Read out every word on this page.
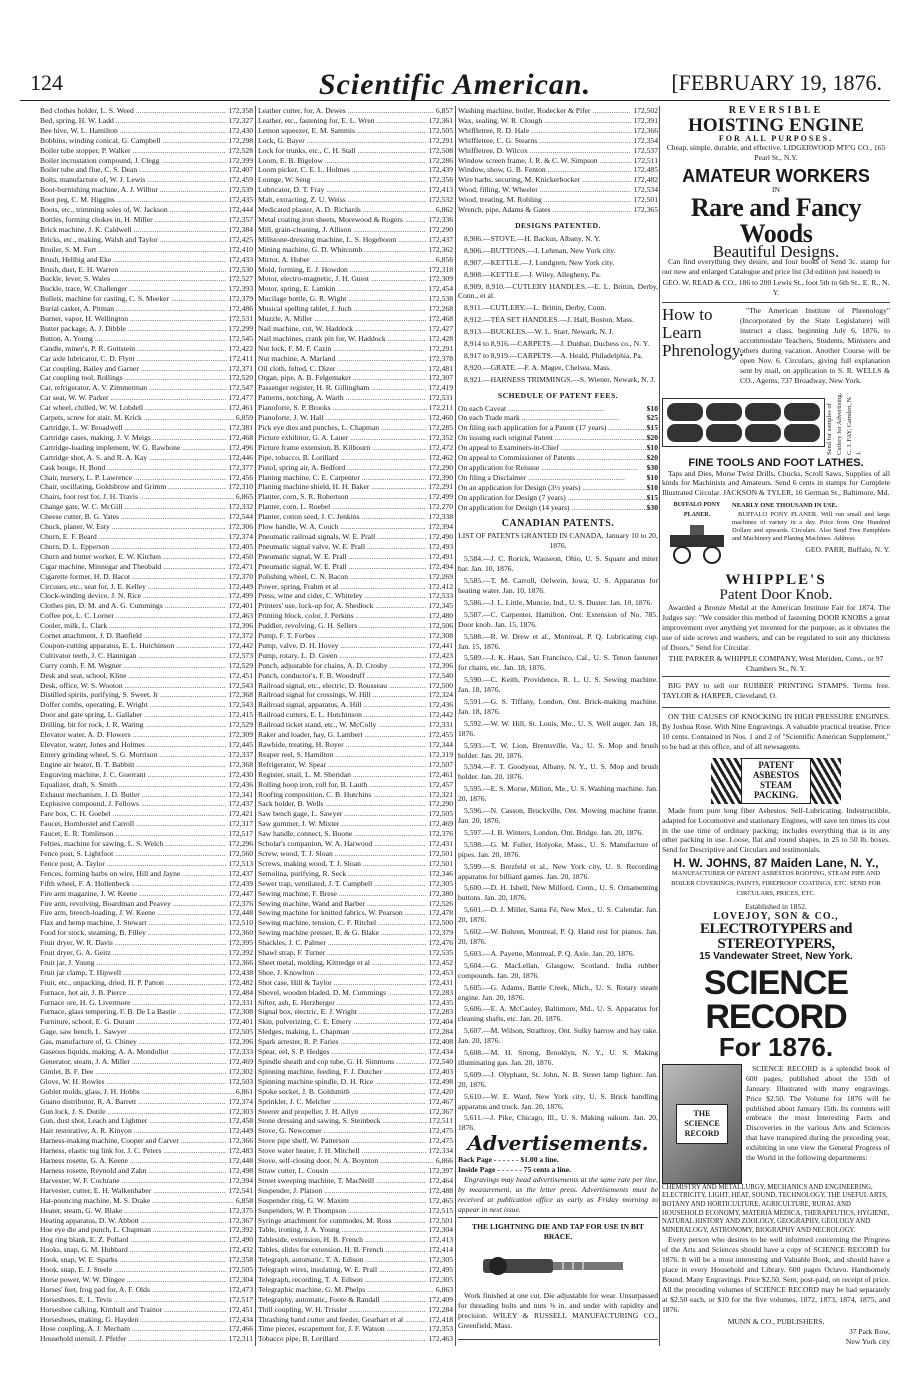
124	Scientific American.	[FEBRUARY 19, 1876.
Bed clothes holder, L. S. Weed .....	172,358
Bed, spring, H. W. Ladd .....	172,327
Bee hive, W. L. Hamilton .....	172,430
Bobbins, winding conical, G. Campbell .....	172,298
Boiler tube stopper, P. Walker .....	172,528
Boiler incrustation compound, J. Clegg .....	172,399
Boiler tube and flue, C. S. Dean .....	172,407
Bolts, manufacture of, W. J. Lewis .....	172,459
Boot-burnishing machine, A. J. Wilbur .....	172,539
Boot peg, C. M. Higgins .....	172,435
Boots, etc., trimming soles of, W. Jackson .....	172,444
Bottles, forming chokes in, H. Miller .....	172,357
Brick machine, J. K. Caldwell .....	172,384
Bricks, etc., making, Walsh and Taylor .....	172,425
Broiler, S. M. Fort .....	172,410
Brush, Hellbig and Eke .....	172,433
Brush, dust, E. H. Warren .....	172,530
Buckle, lever, S. Wales .....	172,527
Buckle, trace, W. Challenger .....	172,393
Bullets, machine for casting, C. S. Meeker .....	172,379
Burial casket, A. Pitman .....	172,486
Burner, vapor, H. Wellington .....	172,531
Butter package, A. J. Dibble .....	172,299
Button, A. Young .....	172,545
Candle, miner's, P. R. Gottstein .....	172,422
Car axle lubricator, C. D. Flynt .....	172,411
Car coupling, Bailey and Garner .....	172,371
Car coupling tool, Rollings .....	172,520
Car, refrigerator, A. V. Zimmerman .....	172,547
Car seat, W. W. Parker .....	172,477
Car wheel, chilled, W. W. Lobdell .....	172,461
Carpets, screw for stair, M. Krick .....	6,859
Cartridge, L. W. Broadwell .....	172,381
Cartridge cases, making, J. V. Meigs .....	172,468
Cartridge-loading implement, W. G. Rawbone .....	172,496
Cartridge shot, A. S. and R. A. Kay .....	172,446
Cask bouge, H. Bond .....	172,377
Chair, nursery, L. P. Lawrence .....	172,456
Chair, oscillating, Goldsbrow and Grimm .....	172,310
Chairs, foot rest for, J. H. Travis .....	6,865
Change gate, W. C. McGill .....	172,332
Cheese cutter, B. G. Yates .....	172,544
Chuck, planer, W. Esty .....	172,306
Churn, E. F. Beard .....	172,374
Churn, D. L. Epperson .....	172,405
Churn and butter worker, E. W. Kitchen .....	172,450
Cigar machine, Minnegar and Theobald .....	172,471
Cigarette former, H. D. Bacot .....	172,370
Circuses, etc., seat for, J. E. Kelley .....	172,449
Clock-winding device, J. N. Rice .....	172,499
Clothes pin, D. M. and A. G. Cummings .....	172,401
Coffee pot, L. C. Lorner .....	172,463
Cooler, milk, L. Clark .....	172,396
Cornet attachment, J. D. Banfield .....	172,372
Coupon-cutting apparatus, E. L. Hutchinson .....	172,442
Cultivator teeth, J. C. Hannigan .....	172,573
Curry comb, F. M. Wegner .....	172,529
Desk and seat, school, Kline .....	172,451
Desk, office, W. S. Wooton .....	172,543
Distilled spirits, purifying, S. Sweet, Jr .....	172,368
Doffer combs, operating, E. Wright .....	172,543
Door and gate spring, L. Gallaher .....	172,415
Drilling, bit for rock, J. R. Waring .....	172,529
Elevator water, A. D. Flowers .....	172,309
Elevator, water, Jones and Holmes .....	172,445
Emery grinding wheel, S. G. Morrison .....	172,337
Engine air heater, B. T. Babbitt .....	172,368
Engraving machine, J. C. Guerrant .....	172,430
Equalizer, draft, S. Smith .....	172,436
Exhaust mechanism, J. D. Butler .....	172,341
Explosive compound, J. Fellows .....	172,437
Fare box, C. H. Goebel .....	172,421
Faucet, Hornbostel and Carroll .....	172,317
Faucet, E. R. Tomlinson .....	172,517
Felties, machine for sawing, L. S. Welch .....	172,296
Fence post, S. Lightfoot .....	172,560
Fence post, A. Taylor .....	172,513
Fences, forming barbs on wire, Hill and Jayne .....	172,437
Fifth wheel, F. A. Hollenbeck .....	172,439
Fire arm magazine, J. W. Keene .....	172,447
Fire arm, revolving, Boardman and Peavey .....	172,376
Fire arm, breech-loading, J. W. Keene .....	172,448
Flax and hemp machine, J. Stewart .....	172,510
Food for stock, steaming, B. Filley .....	172,360
Fruit dryer, W. R. Davis .....	172,395
Fruit dryer, G. A. Geitz .....	172,392
Fruit jar, J. Young .....	172,366
Fruit jar clamp, T. Hipwell .....	172,438
Fruit, etc., unpacking, dried, H. P. Patton .....	172,482
Furnace, hot air, J. B. Pierce .....	172,484
Furnace ore, H. G. Livermore .....	172,331
Furnace, glass tempering, F. B. De La Bastie .....	172,308
Furniture, school, E. G. Durant .....	172,401
Gage, saw bench, L. Sawyer .....	172,505
Gas, manufacture of, G. Chiney .....	172,396
Gaseous liquids, making, A. A. Mondollot .....	172,333
Generator, steam, J. A. Miller .....	172,469
Gimlet, B. F. Dee .....	172,302
Glove, W. H. Rowles .....	172,503
Goblet molds, glass, J. H. Hobbs .....	6,861
Guano distributor, R. A. Barrett .....	172,374
Gun lock, J. S. Dutile .....	172,303
Gun, dust shot, Leach and Lightner .....	172,458
Hair restorative, A. R. Kinyon .....	172,449
Harness-making machine, Cooper and Carver .....	172,366
Harness, elastic tug link for, J. C. Peters .....	172,483
Harness rosette, G. A. Keene .....	172,448
Harness rosette, Reynold and Zahn .....	172,498
Harvester, W. F. Cochrane .....	172,394
Harvester, cutter, E. H. Walkenhaber .....	172,541
Hat-pouncing machine, M. S. Drake .....	6,858
Heater, steam, G. W. Blake .....	172,375
Heating apparatus, D. W. Abbott .....	172,367
Hoe eye die and punch, L. Chapman .....	172,392
Hog ring blank, E. Z. Pollard .....	172,490
Hooks, snap, G. M. Hubbard .....	172,432
Hook, snap, W. E. Sparks .....	172,358
Hook, snap, E. J. Steele .....	172,505
Horse power, W. W. Dingee .....	172,304
Horses' feet, frog pad for, A. F. Olds .....	172,473
Horseshoes, E. L. Tevis .....	172,517
Horseshoe calking, Kimball and Trainor .....	172,451
Horseshoes, making, G. Hayden .....	172,434
Hose coupling, A. J. Mecham .....	172,466
Household utensil, J. Pfeifer .....	172,311
.....
Leather cutter, for, A. Dewes .....	6,857
Leather, etc., fastening for, E. L. Wren .....	172,361
Lemon squeezer, E. M. Sammis .....	172,505
Lock, G. Bayer .....	172,291
Lock for trunks, etc., C. H. Stall .....	172,508
Loom, E. B. Bigelow .....	172,286
Loom picker, C. E. L. Holmes .....	172,439
Lounge, W. Seng .....	172,356
Lubricator, D. T. Fray .....	172,413
Malt, extracting, Z. U. Weiss .....	172,532
Medicated plaster, A. D. Richards .....	6,862
Metal coating iron sheets, Morewood & Rogers .....	172,336
Mill, grain-cleaning, J. Allison .....	172,290
Millstone-dressing machine, L. S. Hogeboom .....	172,437
Mining machine, G. D. Whitcomb .....	172,362
Mirror, A. Huber .....	6,856
Mold, forming, E. J. Howdon .....	172,318
Motor, electro-magnetic, J. H. Guest .....	172,309
Motor, spring, E. Lamkin .....	172,454
Mucilage bottle, G. R. Wight .....	172,538
Musical spelling tablet, J. Juch .....	172,268
Muzzle, A. Miller .....	172,468
Nail machine, cut, W. Haddock .....	172,427
Nail machines, crank pin for, W. Haddock .....	172,428
Nut lock, F. M. F. Cazin .....	172,291
Nut machine, A. Marland .....	172,378
Oil cloth, felted, C. Dizer .....	172,481
Organ, pipe, A. B. Felgemaker .....	172,307
Passenger register, H. R. Gillingham .....	172,419
Patterns, notching, A. Warth .....	172,531
Pianoforte, S. P. Brooks .....	172,211
Pianoforte, J. W. Hall .....	172,460
Pick eye dies and punches, L. Chapman .....	172,285
Picture exhibitor, G. A. Lauer .....	172,352
Picture frame extension, B. Kilbourn .....	172,472
Pipe, tobacco, B. Lorillard .....	172,462
Pistol, spring air, A. Bedford .....	172,290
Planing machine, C. E. Carpenter .....	172,390
Planing machine shield, H. H. Baker .....	172,291
Planter, corn, S. R. Robertson .....	172,499
Planter, corn, L. Roebel .....	172,270
Planter, cotton seed, J. C. Jenkins .....	172,338
Plow handle, W. A. Couch .....	172,394
Pneumatic railroad signals, W. E. Prall .....	172,490
Pneumatic signal valve, W. E. Prall .....	172,493
Pneumatic signal, W. E. Prall .....	172,491
Pneumatic signal, W. E. Prall .....	172,494
Polishing wheel, C. N. Bacon .....	172,269
Power, spring, Frahm et al .....	172,412
Press, wine and cider, C. Whiteley .....	172,533
Printers' use, lock-up for, A. Shedlock .....	172,345
Printing block, color, J. Perkins .....	172,480
Puddler, revolving, G. H. Sellers .....	172,506
Pump, F. T. Forbes .....	172,308
Pump, valve, D. H. Hovey .....	172,441
Pump, rotary, L. D. Green .....	172,423
Punch, adjustable for chains, A. D. Crosby .....	172,396
Punch, conductor's, F. B. Woodruff .....	172,540
Railroad signal, etc., electric, D. Rousseau .....	172,500
Railroad signal for crossings, W. Hill .....	172,324
Railroad signal, apparatus, A. Hill .....	172,436
Railroad cutters, E. L. Hutchinson .....	172,442
Railroad ticket stand, etc., W. McColly .....	172,331
Raker and loader, hay, G. Lambert .....	172,455
Rawhide, treating, H. Royer .....	172,344
Reaper reel, S. Hamilton .....	172,319
Refrigerator, W. Spear .....	172,507
Register, snail, L. M. Sheridan .....	172,461
Rolling hoop iron, roll for, B. Lauth .....	172,457
Roofing composition, C. B. Hutchins .....	172,321
Sack holder, B. Wells .....	172,290
Saw bench gage, L. Sawyer .....	172,505
Saw gummer, J. W. Mixter .....	172,469
Saw handle, connect, S. Boone .....	172,376
Scholar's companion, W. A. Harwood .....	172,431
Screw, wood, T. J. Sloan .....	172,501
Screws, making wood, T. J. Sloan .....	172,501
Semolina, purifying, R. Seck .....	172,346
Sewer trap, ventilated, J. T. Campbell .....	172,305
Sewing machine, F. Brese .....	172,380
Sewing machine, Wand and Barber .....	172,526
Sewing machine for knitted fabrics, W. Pearson .....	172,478
Sewing machine, tension, C. F. Ritchel .....	172,500
Sewing machine presser, R. & G. Blake .....	172,379
Shackles, J. C. Palmer .....	172,476
Shawl strap, F. Turner .....	172,535
Sheet metal, molding, Kittredge et al .....	172,452
Shoe, J. Knowlton .....	172,453
Shot case, Hill & Taylor .....	172,431
Shovel, wooden bladed, D. M. Cummings .....	172,283
Sifter, ash, E. Herzberger .....	172,435
Signal box, electric, E. J. Wright .....	172,283
Skin, pulverizing, C. E. Emery .....	172,404
Sledges, making, L. Chapman .....	172,284
Spark arrester, R. P. Faries .....	172,408
Spear, eel, S. P. Hedges .....	172,434
Spindle sheath and cop tube, G. H. Simmons .....	172,540
Spinning machine, feeding, F. J. Dutcher .....	172,403
Spinning machine spindle, D. H. Rice .....	172,498
Spoke socket, J. B. Goldsmith .....	172,420
Sprinkler, J. C. Melcher .....	172,467
Steerer and propeller, J. H. Allyn .....	172,367
Stone dressing and sawing, S. Steinbeck .....	172,511
Stove, G. Newcomer .....	172,475
Stove pipe shelf, W. Patterson .....	172,475
Stove water heater, J. H. Mitchell .....	172,334
Stove, self-closing door, N. A. Boynton .....	6,866
Straw cutter, L. Cousin .....	172,397
Street sweeping machine, T. MacNeill .....	172,464
Suspender, J. Platson .....	172,488
Suspender ring, G. W. Maxim .....	172,465
Suspenders, W. P. Thompson .....	172,515
Syringe attachment for commodes, M. Ross .....	172,501
Table, ironing, J. A. Young .....	172,304
Tableside, extension, H. B. French .....	172,413
Tables, slides for extension, H. B. French .....	172,414
Telegraph, automatic, T. A. Edison .....	172,305
Telegraph wires, insulating, W. E. Prall .....	172,495
Telegraph, recording, T. A. Edison .....	172,305
Telegraphic machine, G. M. Phelps .....	6,863
Telegraphy, automatic, Foote & Randall .....	172,409
Thill coupling, W. H. Trissler .....	172,284
Thrashing band cutter and feeder, Gearhart et al .....	172,418
Time pieces, escapement for, J. F. Watson .....	172,353
Tobacco pipe, B. Lorillard .....	172,463
.....
Washing machine, boiler, Rodecker & Pifer .....	172,502
Wax, sealing, W. R. Clough .....	172,391
Whiffletree, R. D. Hale .....	172,366
Whiffletree, C. G. Stearns .....	172,354
Whiffletree, D. Wilcox .....	172,537
Window screen frame, J. R. & C. W. Simpson .....	172,511
Window, show, G. B. Fenton .....	172,485
Wire barbs, securing, M. Knickerbocker .....	172,482
Wood, filling, W. Wheeler .....	172,534
Wood, treating, M. Robling .....	172,501
Wrench, pipe, Adams & Gates .....	172,365
DESIGNS PATENTED.
8,906.—STOVE.—H. Backus, Albany, N. Y.
8,906.—BUTTONS.—I. Lehman, New York city.
8,907.—KETTLE.—J. Lundgren, New York city.
8,908.—KETTLE.—J. Wiley, Allegheny, Pa.
8,909, 8,910.—CUTLERY HANDLES.—E. L. Brittin, Derby, Conn., et al.
8,911.—CUTLERY.—L. Brittin, Derby, Conn.
8,912.—TEA SET HANDLES.—J. Hall, Boston, Mass.
8,913.—BUCKLES.—W. L. Starr, Newark, N. J.
8,914 to 8,916.—CARPETS.—J. Dunbar, Duchess co., N. Y.
8,917 to 8,919.—CARPETS.—A. Heald, Philadelphia, Pa.
8,920.—GRATE.—F. A. Magee, Chelsea, Mass.
8,921.—HARNESS TRIMMINGS.—S. Wiener, Newark, N. J.
SCHEDULE OF PATENT FEES.
On each Caveat .....	$10
On each Trade mark .....	$25
On filing each application for a Patent (17 years) .....	$15
On issuing each original Patent .....	$20
On appeal to Examiners-in-Chief .....	$10
On appeal to Commissioner of Patents .....	$20
On application for Reissue .....	$30
On filing a Disclaimer .....	$10
On an application for Design (3½ years) .....	$10
On application for Design (7 years) .....	$15
On application for Design (14 years) .....	$30
CANADIAN PATENTS.
LIST OF PATENTS GRANTED IN CANADA, January 10 to 20, 1876.
5,584.—J. C. Rorick, Wauseon, Ohio, U. S. Square and miter bar. Jan. 10, 1876.
5,585.—T. M. Carroll, Oelwein, Iowa, U. S. Apparatus for heating water. Jan. 10, 1876.
5,586.—J. L. Little, Muncie, Ind., U. S. Duster. Jan. 10, 1876.
5,587.—C. Carpenter, Hamilton, Ont. Extension of No. 785. Door knob. Jan. 15, 1876.
5,588.—R. W. Drew et al., Montreal, P. Q. Lubricating cup. Jan. 15, 1876.
5,589.—J. K. Haas, San Francisco, Cal., U. S. Tenon fastener for chairs, etc. Jan. 18, 1876.
5,590.—C. Keith, Providence, R. I., U. S. Sewing machine. Jan. 18, 1876.
5,591.—G. S. Tiffany, London, Ont. Brick-making machine. Jan. 18, 1876.
5,592.—W. W. Hill, St. Louis, Mo., U. S. Well auger. Jan. 18, 1876.
5,593.—T. W. Lion, Brentsville, Va., U. S. Mop and brush holder. Jan. 20, 1876.
5,594.—F. T. Goodyear, Albany, N. Y., U. S. Mop and brush holder. Jan. 20, 1876.
5,595.—E. S. Morse, Milton, Me., U. S. Washing machine. Jan. 20, 1876.
5,596.—N. Casson, Brockville, Ont. Mowing machine frame. Jan. 20, 1876.
5,597.—J. B. Winters, London, Ont. Bridge. Jan. 20, 1876.
5,598.—G. M. Fuller, Holyoke, Mass., U. S. Manufacture of pipes. Jan. 20, 1876.
5,599.—S. Brezfeld et al., New York city, U. S. Recording apparatus for billiard games. Jan. 20, 1876.
5,600.—D. H. Isbell, New Milford, Conn., U. S. Ornamenting buttons. Jan. 20, 1876.
5,601.—D. J. Miller, Santa Fé, New Mex., U. S. Calendar. Jan. 20, 1876.
5,602.—W. Bohren, Montreal, P. Q. Hand rest for pianos. Jan. 20, 1876.
5,603.—A. Payette, Montreal, P. Q. Axle. Jan. 20, 1876.
5,604.—G. MacLellan, Glasgow, Scotland. India rubber compounds. Jan. 20, 1876.
5,605.—G. Adams, Battle Creek, Mich., U. S. Rotary steam engine. Jan. 20, 1876.
5,606.—E. A. McCauley, Baltimore, Md., U. S. Apparatus for cleaning shafts, etc. Jan. 20, 1876.
5,607.—M. Wilson, Strathroy, Ont. Sulky harrow and hay rake. Jan. 20, 1876.
5,608.—M. H. Strong, Brooklyn, N. Y., U. S. Making illuminating gas. Jan. 20, 1876.
5,609.—J. Olyphant, St. John, N. B. Street lamp lighter. Jan. 20, 1876.
5,610.—W. E. Ward, New York city, U. S. Brick handling apparatus and truck. Jan. 20, 1876.
5,611.—J. Pike, Chicago, Ill., U. S. Making oakum. Jan. 20, 1876.
Advertisements.
Back Page - - - - - - $1.00 a line.
Inside Page - - - - - - 75 cents a line.
Engravings may head advertisements at the same rate per line, by measurement, as the letter press. Advertisements must be received at publication office as early as Friday morning to appear in next issue.
THE LIGHTNING DIE AND TAP FOR USE IN BIT BRACE.
Work finished at one cut. Die adjustable for wear. Unsurpassed for threading bolts and nuts ⅜ in. and under with rapidity and precision. WILEY & RUSSELL MANUFACTURING CO., Greenfield, Mass.
REVERSIBLE
HOISTING ENGINE
FOR ALL PURPOSES.
Cheap, simple, durable, and effective. LIDGERWOOD M'F'G CO., 165 Pearl St., N.Y.
AMATEUR WORKERS
IN
Rare and Fancy Woods
Beautiful Designs.
Can find everything they desire, and four books of Send 3c. stamp for our new and enlarged Catalogue and price list (3d edition just issued) to
GEO. W. READ & CO., 186 to 200 Lewis St., foot 5th to 6th St., E. R., N. Y.
How to Learn Phrenology.
"The American Institute of Phrenology" (Incorporated by the State Legislature) will instruct a class, beginning July 6, 1876, to accommodate Teachers, Students, Ministers and others during vacation. Another Course will be open Nov. 6. Circulars, giving full explanation sent by mail, on application to S. R. WELLS & CO., Agents, 737 Broadway, New York.
Send for samples of Cutlery for Advertising. C. J. FAY, Camden, N. J.
FINE TOOLS AND FOOT LATHES.
Taps and Dies, Morse Twist Drills, Chucks, Scroll Saws, Supplies of all kinds for Machinists and Amateurs. Send 6 cents in stamps for Complete Illustrated Circular. JACKSON & TYLER, 16 German St., Baltimore, Md.
BUFFALO PONY PLANER.
NEARLY ONE THOUSAND IN USE.
BUFFALO PONY PLANER. Will run small and large machines of variety in a day. Price from One Hundred Dollars and upwards. Circulars. Also Send Free Pamphlets and Machinery and Planing Machines. Address
GEO. PARR, Buffalo, N. Y.
WHIPPLE'S
Patent Door Knob.
Awarded a Bronze Medal at the American Institute Fair for 1874. The Judges say: "We consider this method of fastening DOOR KNOBS a great improvement over anything yet invented for the purpose, as it obviates the use of side screws and washers, and can be regulated to suit any thickness of Doors." Send for Circular.
THE PARKER & WHIPPLE COMPANY, West Meriden, Conn., or 97 Chambers St., N. Y.
BIG PAY to sell our RUBBER PRINTING STAMPS. Terms free. TAYLOR & HARPER, Cleveland, O.
ON THE CAUSES OF KNOCKING IN HIGH PRESSURE ENGINES. By Joshua Rose. With Nine Engravings. A valuable practical treatise. Price 10 cents. Contained in Nos. 1 and 2 of "Scientific American Supplement," to be had at this office, and of all newsagents.
PATENT ASBESTOS STEAM PACKING.
Made from pure long fiber Asbestos. Self-Lubricating. Indestructible, adapted for Locomotive and stationary Engines, will save ten times its cost in the use time of ordinary packing; includes everything that is in any other packing in use. Loose, flat and round shapes, in 25 to 50 lb. boxes. Send for Descriptive and Circulars and testimonials.
H. W. JOHNS, 87 Maiden Lane, N. Y.,
MANUFACTURER OF PATENT ASBESTOS ROOFING, STEAM PIPE AND BOILER COVERINGS, PAINTS, FIREPROOF COATINGS, ETC. SEND FOR CIRCULARS, PRICES, ETC.
Established in 1852.
LOVEJOY, SON & CO.,
ELECTROTYPERS and STEREOTYPERS,
15 Vandewater Street, New York.
SCIENCE RECORD
For 1876.
THE SCIENCE RECORD
SCIENCE RECORD is a splendid book of 600 pages, published about the 15th of January. Illustrated with many engravings. Price $2.50. The Volume for 1876 will be published about January 15th. Its contents will embrace the most Interesting Facts and Discoveries in the various Arts and Sciences that have transpired during the preceding year, exhibiting in one view the General Progress of the World in the following departments:
CHEMISTRY AND METALLURGY, MECHANICS AND ENGINEERING, ELECTRICITY, LIGHT, HEAT, SOUND, TECHNOLOGY, THE USEFUL ARTS, BOTANY AND HORTICULTURE, AGRICULTURE, RURAL AND HOUSEHOLD ECONOMY, MATERIA MEDICA, THERAPEUTICS, HYGIENE, NATURAL HISTORY AND ZOOLOGY, GEOGRAPHY, GEOLOGY AND MINERALOGY, ASTRONOMY, BIOGRAPHY AND NECROLOGY.
Every person who desires to be well informed concerning the Progress of the Arts and Sciences should have a copy of SCIENCE RECORD for 1876. It will be a most interesting and Valuable Book, and should have a place in every Household and Library. 600 pages Octavo. Handsomely Bound. Many Engravings. Price $2.50. Sent, post-paid, on receipt of price. All the preceding volumes of SCIENCE RECORD may be had separately at $2.50 each, or $10 for the five volumes, 1872, 1873, 1874, 1875, and 1876.
MUNN & CO., PUBLISHERS,
37 Park Row,
New York city
